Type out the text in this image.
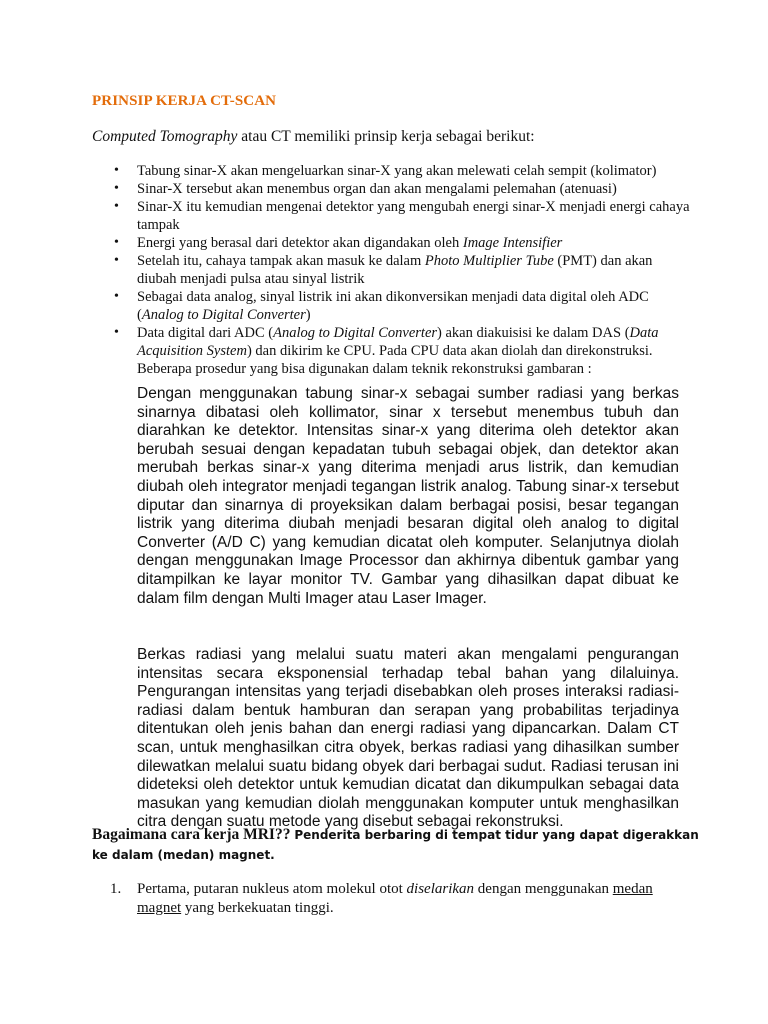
PRINSIP KERJA CT-SCAN
Computed Tomography atau CT memiliki prinsip kerja sebagai berikut:
•	Tabung sinar-X akan mengeluarkan sinar-X yang akan melewati celah sempit (kolimator)
•	Sinar-X tersebut akan menembus organ dan akan mengalami pelemahan (atenuasi)
•	Sinar-X itu kemudian mengenai detektor yang mengubah energi sinar-X menjadi energi cahaya tampak
•	Energi yang berasal dari detektor akan digandakan oleh Image Intensifier
•	Setelah itu, cahaya tampak akan masuk ke dalam Photo Multiplier Tube (PMT) dan akan diubah menjadi pulsa atau sinyal listrik
•	Sebagai data analog, sinyal listrik ini akan dikonversikan menjadi data digital oleh ADC (Analog to Digital Converter)
•	Data digital dari ADC (Analog to Digital Converter) akan diakuisisi ke dalam DAS (Data Acquisition System) dan dikirim ke CPU. Pada CPU data akan diolah dan direkonstruksi. Beberapa prosedur yang bisa digunakan dalam teknik rekonstruksi gambaran :
Dengan menggunakan tabung sinar-x sebagai sumber radiasi yang berkas sinarnya dibatasi oleh kollimator, sinar x tersebut menembus tubuh dan diarahkan ke detektor. Intensitas sinar-x yang diterima oleh detektor akan berubah sesuai dengan kepadatan tubuh sebagai objek, dan detektor akan merubah berkas sinar-x yang diterima menjadi arus listrik, dan kemudian diubah oleh integrator menjadi tegangan listrik analog. Tabung sinar-x tersebut diputar dan sinarnya di proyeksikan dalam berbagai posisi, besar tegangan listrik yang diterima diubah menjadi besaran digital oleh analog to digital Converter (A/D C) yang kemudian dicatat oleh komputer. Selanjutnya diolah dengan menggunakan Image Processor dan akhirnya dibentuk gambar yang ditampilkan ke layar monitor TV. Gambar yang dihasilkan dapat dibuat ke dalam film dengan Multi Imager atau Laser Imager.
Berkas radiasi yang melalui suatu materi akan mengalami pengurangan intensitas secara eksponensial terhadap tebal bahan yang dilaluinya. Pengurangan intensitas yang terjadi disebabkan oleh proses interaksi radiasi-radiasi dalam bentuk hamburan dan serapan yang probabilitas terjadinya ditentukan oleh jenis bahan dan energi radiasi yang dipancarkan. Dalam CT scan, untuk menghasilkan citra obyek, berkas radiasi yang dihasilkan sumber dilewatkan melalui suatu bidang obyek dari berbagai sudut. Radiasi terusan ini dideteksi oleh detektor untuk kemudian dicatat dan dikumpulkan sebagai data masukan yang kemudian diolah menggunakan komputer untuk menghasilkan citra dengan suatu metode yang disebut sebagai rekonstruksi.
Bagaimana cara kerja MRI?? Penderita berbaring di tempat tidur yang dapat digerakkan ke dalam (medan) magnet.
1. Pertama, putaran nukleus atom molekul otot diselarikan dengan menggunakan medan magnet yang berkekuatan tinggi.
